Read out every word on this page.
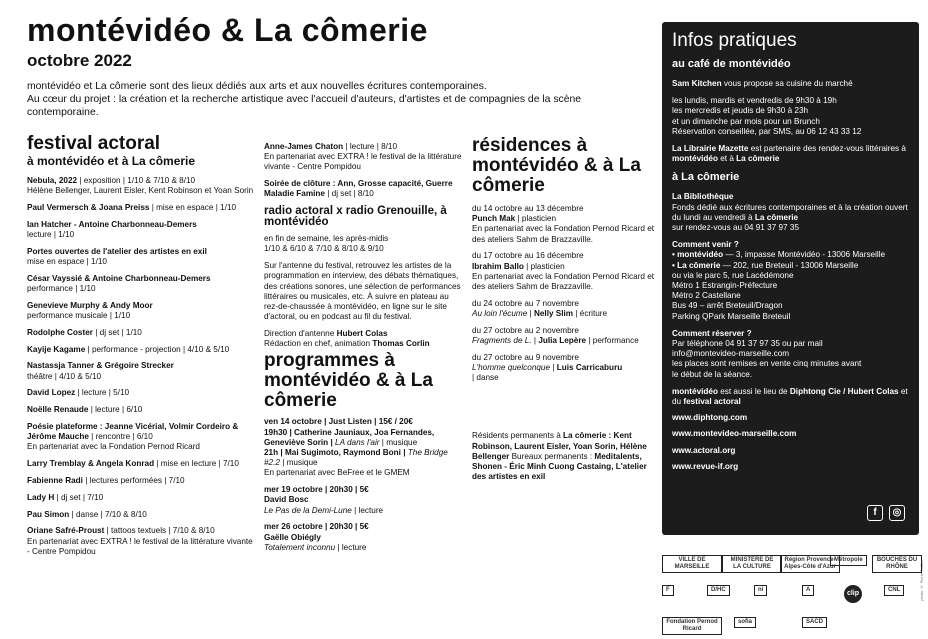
montévidéo & La cômerie
octobre 2022

montévidéo et La cômerie sont des lieux dédiés aux arts et aux nouvelles écritures contemporaines.

Au cœur du projet : la création et la recherche artistique avec l'accueil d'auteurs, d'artistes et de compagnies de la scène contemporaine.

festival actoral
à montévidéo et à La cômerie

Nebula, 2022 | exposition | 1/10 & 7/10 & 8/10
Hélène Bellenger, Laurent Eisler, Kent Robinson et Yoan Sorin

Paul Vermersch & Joana Preiss | mise en espace | 1/10

Ian Hatcher - Antoine Charbonneau-Demers
lecture | 1/10

Portes ouvertes de l'atelier des artistes en exil
mise en espace | 1/10

César Vayssié & Antoine Charbonneau-Demers
performance | 1/10

Genevieve Murphy & Andy Moor
performance musicale | 1/10

Rodolphe Coster | dj set | 1/10

Kayije Kagame | performance - projection | 4/10 & 5/10

Nastassja Tanner & Grégoire Strecker
théâtre | 4/10 & 5/10

David Lopez | lecture | 5/10

Noëlle Renaude | lecture | 6/10

Poésie plateforme : Jeanne Vicérial, Volmir Cordeiro & Jérôme Mauche | rencontre | 6/10
En partenariat avec la Fondation Pernod Ricard

Larry Tremblay & Angela Konrad | mise en lecture | 7/10

Fabienne Radi | lectures performées | 7/10

Lady H | dj set | 7/10

Pau Simon | danse | 7/10 & 8/10

Oriane Safré-Proust | tattoos textuels | 7/10 & 8/10
En partenariat avec EXTRA ! le festival de la littérature vivante - Centre Pompidou

Anne-James Chaton | lecture | 8/10
En partenariat avec EXTRA ! le festival de la littérature vivante - Centre Pompidou

Soirée de clôture : Ann, Grosse capacité, Guerre Maladie Famine | dj set | 8/10

radio actoral x radio Grenouille, à montévidéo

en fin de semaine, les après-midis
1/10 & 6/10 & 7/10 & 8/10 & 9/10

Sur l'antenne du festival, retrouvez les artistes de la programmation en interview, des débats thématiques, des créations sonores, une sélection de performances littéraires ou musicales, etc. À suivre en plateau au rez-de-chaussée à montévidéo, en ligne sur le site d'actoral, ou en podcast au fil du festival.

Direction d'antenne Hubert Colas
Rédaction en chef, animation Thomas Corlin

programmes à montévidéo & à La cômerie

ven 14 octobre | Just Listen | 15€ / 20€
19h30 | Catherine Jauniaux, Joa Fernandes, Geneviève Sorin | LA dans l'air | musique
21h | Mai Sugimoto, Raymond Boni | The Bridge #2.2 | musique
En partenariat avec BeFree et le GMEM

mer 19 octobre | 20h30 | 5€
David Bosc
Le Pas de la Demi-Lune | lecture

mer 26 octobre | 20h30 | 5€
Gaëlle Obiégly
Totalement inconnu | lecture

résidences à montévidéo & à La cômerie

du 14 octobre au 13 décembre
Punch Mak | plasticien
En partenariat avec la Fondation Pernod Ricard et des ateliers Sahm de Brazzaville.

du 17 octobre au 16 décembre
Ibrahim Ballo | plasticien
En partenariat avec la Fondation Pernod Ricard et des ateliers Sahm de Brazzaville.

du 24 octobre au 7 novembre
Au loin l'écume | Nelly Slim | écriture

du 27 octobre au 2 novembre
Fragments de L. | Julia Lepère | performance

du 27 octobre au 9 novembre
L'homme quelconque | Luis Carricaburu
| danse

Résidents permanents à La cômerie : Kent Robinson, Laurent Eisler, Yoan Sorin, Hélène Bellenger Bureaux permanents : Meditalents, Shonen - Éric Minh Cuong Castaing, L'atelier des artistes en exil

Infos pratiques
au café de montévidéo

Sam Kitchen vous propose sa cuisine du marché

les lundis, mardis et vendredis de 9h30 à 19h
les mercredis et jeudis de 9h30 à 23h
et un dimanche par mois pour un Brunch
Réservation conseillée, par SMS, au 06 12 43 33 12

La Librairie Mazette est partenaire des rendez-vous littéraires à montévidéo et à La cômerie

à La cômerie

La Bibliothèque
Fonds dédié aux écritures contemporaines et à la création ouvert du lundi au vendredi à La cômerie
sur rendez-vous au 04 91 37 97 35

Comment venir ?
• montévidéo — 3, impasse Montévidéo - 13006 Marseille
• La cômerie — 202, rue Breteuil - 13006 Marseille
ou via le parc 5, rue Lacédémone
Métro 1 Estrangin-Préfecture
Métro 2 Castellane
Bus 49 – arrêt Breteuil/Dragon
Parking QPark Marseille Breteuil

Comment réserver ?
Par téléphone 04 91 37 97 35 ou par mail
info@montevideo-marseille.com
les places sont remises en vente cinq minutes avant
le début de la séance.

montévidéo est aussi le lieu de Diphtong Cie / Hubert Colas et du festival actoral

www.diphtong.com
www.montevideo-marseille.com
www.actoral.org
www.revue-if.org
f	◎
photo © Pierre Tuillier
VILLE DE MARSEILLE
MINISTÈRE DE LA CULTURE
Région Provence-Alpes-Côte d'Azur
Métropole	BOUCHES DU RHÔNE
F	D/HC	ni	A	clip	CNL
Fondation Pernod Ricard
sofia	SACD
